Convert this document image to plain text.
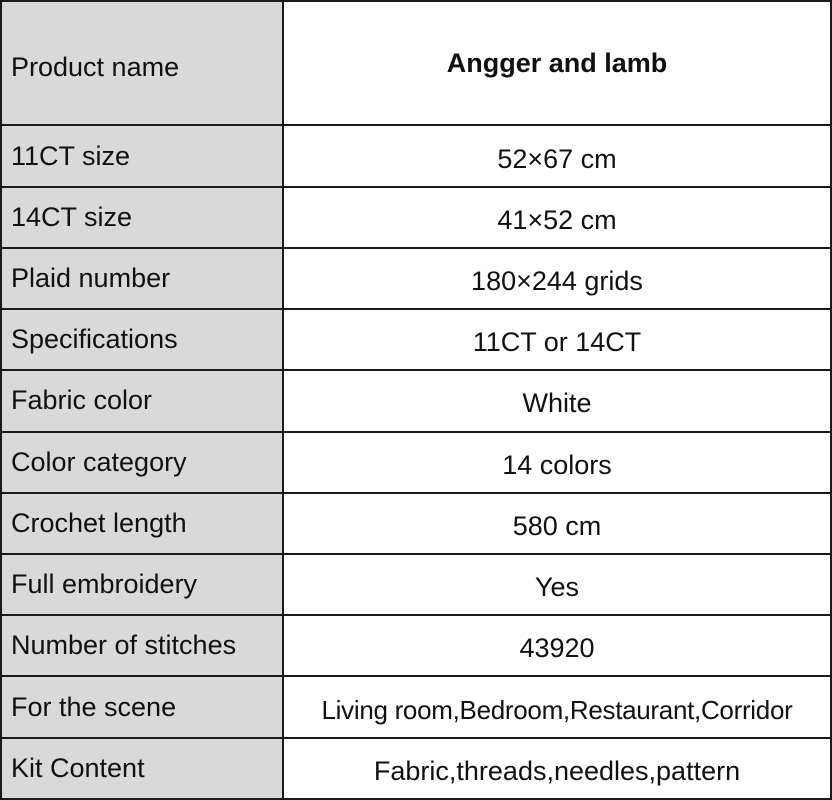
Product name	Angger and lamb
11CT size	52×67 cm
14CT size	41×52 cm
Plaid number	180×244 grids
Specifications	11CT or 14CT
Fabric color	White
Color category	14 colors
Crochet length	580 cm
Full embroidery	Yes
Number of stitches	43920
For the scene	Living room,Bedroom,Restaurant,Corridor
Kit Content	Fabric,threads,needles,pattern
